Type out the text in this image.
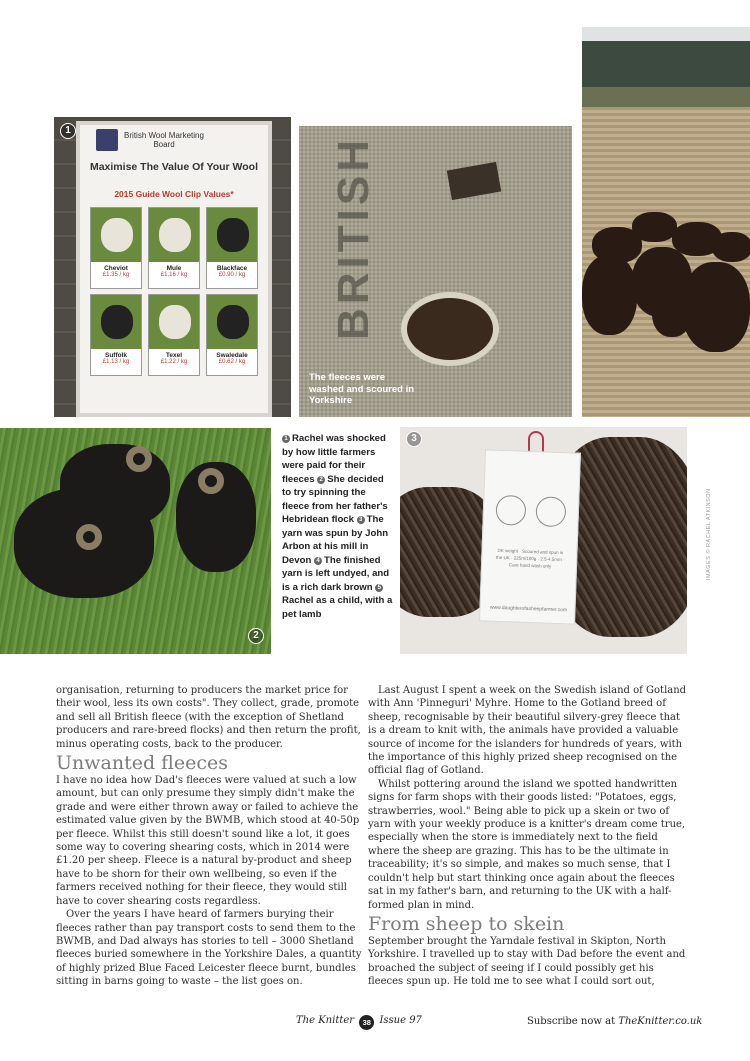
British Wool Marketing Board
Maximise The Value Of Your Wool
2015 Guide Wool Clip Values*
Cheviot
£1.35 / kg
Mule
£1.16 / kg
Blackface
£0.90 / kg
Suffolk
£1.13 / kg
Texel
£1.22 / kg
Swaledale
£0.62 / kg
1
BRITISH
The fleeces were washed and scoured in Yorkshire
2
1 Rachel was shocked by how little farmers were paid for their fleeces 2 She decided to try spinning the fleece from her father's Hebridean flock 3 The yarn was spun by John Arbon at his mill in Devon 4 The finished yarn is left undyed, and is a rich dark brown 5Rachel as a child, with a pet lamb
DK weight · Scoured and spun in the UK · 225m/100g · 2.5-4.5mm · Care hand wash only
www.daughterofasheepfarmer.com
3
IMAGES © RACHEL ATKINSON

organisation, returning to producers the market price for their wool, less its own costs". They collect, grade, promote and sell all British fleece (with the exception of Shetland producers and rare-breed flocks) and then return the profit, minus operating costs, back to the producer.

Unwanted fleeces

I have no idea how Dad's fleeces were valued at such a low amount, but can only presume they simply didn't make the grade and were either thrown away or failed to achieve the estimated value given by the BWMB, which stood at 40-50p per fleece. Whilst this still doesn't sound like a lot, it goes some way to covering shearing costs, which in 2014 were £1.20 per sheep. Fleece is a natural by-product and sheep have to be shorn for their own wellbeing, so even if the farmers received nothing for their fleece, they would still have to cover shearing costs regardless.

Over the years I have heard of farmers burying their fleeces rather than pay transport costs to send them to the BWMB, and Dad always has stories to tell – 3000 Shetland fleeces buried somewhere in the Yorkshire Dales, a quantity of highly prized Blue Faced Leicester fleece burnt, bundles sitting in barns going to waste – the list goes on.

Last August I spent a week on the Swedish island of Gotland with Ann 'Pinneguri' Myhre. Home to the Gotland breed of sheep, recognisable by their beautiful silvery-grey fleece that is a dream to knit with, the animals have provided a valuable source of income for the islanders for hundreds of years, with the importance of this highly prized sheep recognised on the official flag of Gotland.

Whilst pottering around the island we spotted handwritten signs for farm shops with their goods listed: "Potatoes, eggs, strawberries, wool." Being able to pick up a skein or two of yarn with your weekly produce is a knitter's dream come true, especially when the store is immediately next to the field where the sheep are grazing. This has to be the ultimate in traceability; it's so simple, and makes so much sense, that I couldn't help but start thinking once again about the fleeces sat in my father's barn, and returning to the UK with a half-formed plan in mind.

From sheep to skein

September brought the Yarndale festival in Skipton, North Yorkshire. I travelled up to stay with Dad before the event and broached the subject of seeing if I could possibly get his fleeces spun up. He told me to see what I could sort out,

The Knitter 38 Issue 97	Subscribe now at TheKnitter.co.uk
